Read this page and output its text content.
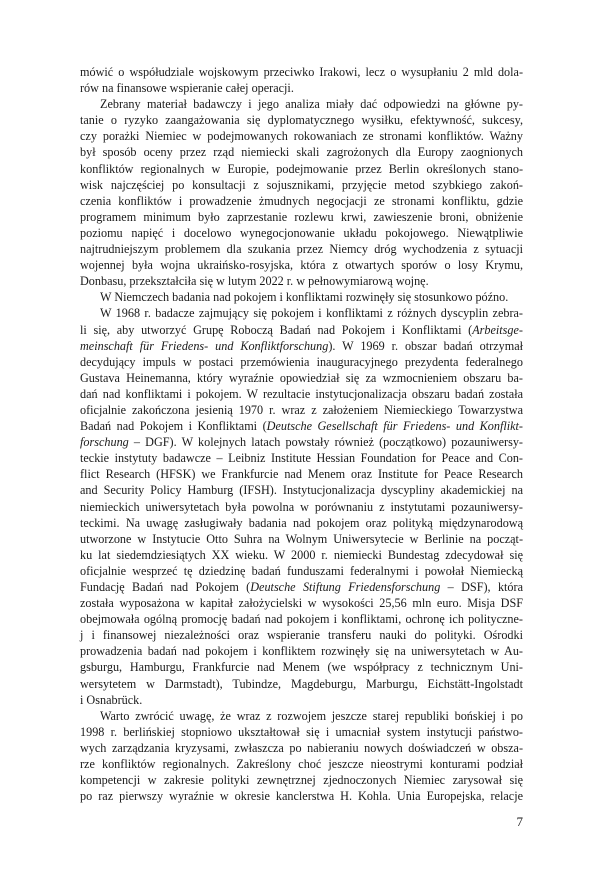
mówić o współudziale wojskowym przeciwko Irakowi, lecz o wysupłaniu 2 mld dola-
rów na finansowe wspieranie całej operacji.
Zebrany materiał badawczy i jego analiza miały dać odpowiedzi na główne py-
tanie o ryzyko zaangażowania się dyplomatycznego wysiłku, efektywność, sukcesy,
czy porażki Niemiec w podejmowanych rokowaniach ze stronami konfliktów. Ważny
był sposób oceny przez rząd niemiecki skali zagrożonych dla Europy zaognionych
konfliktów regionalnych w Europie, podejmowanie przez Berlin określonych stano-
wisk najczęściej po konsultacji z sojusznikami, przyjęcie metod szybkiego zakoń-
czenia konfliktów i prowadzenie żmudnych negocjacji ze stronami konfliktu, gdzie
programem minimum było zaprzestanie rozlewu krwi, zawieszenie broni, obniżenie
poziomu napięć i docelowo wynegocjonowanie układu pokojowego. Niewątpliwie
najtrudniejszym problemem dla szukania przez Niemcy dróg wychodzenia z sytuacji
wojennej była wojna ukraińsko-rosyjska, która z otwartych sporów o losy Krymu,
Donbasu, przekształciła się w lutym 2022 r. w pełnowymiarową wojnę.
W Niemczech badania nad pokojem i konfliktami rozwinęły się stosunkowo późno.
W 1968 r. badacze zajmujący się pokojem i konfliktami z różnych dyscyplin zebra-
li się, aby utworzyć Grupę Roboczą Badań nad Pokojem i Konfliktami (Arbeitsge-
meinschaft für Friedens- und Konfliktforschung). W 1969 r. obszar badań otrzymał
decydujący impuls w postaci przemówienia inauguracyjnego prezydenta federalnego
Gustava Heinemanna, który wyraźnie opowiedział się za wzmocnieniem obszaru ba-
dań nad konfliktami i pokojem. W rezultacie instytucjonalizacja obszaru badań została
oficjalnie zakończona jesienią 1970 r. wraz z założeniem Niemieckiego Towarzystwa
Badań nad Pokojem i Konfliktami (Deutsche Gesellschaft für Friedens- und Konflikt-
forschung – DGF). W kolejnych latach powstały również (początkowo) pozauniwersy-
teckie instytuty badawcze – Leibniz Institute Hessian Foundation for Peace and Con-
flict Research (HFSK) we Frankfurcie nad Menem oraz Institute for Peace Research
and Security Policy Hamburg (IFSH). Instytucjonalizacja dyscypliny akademickiej na
niemieckich uniwersytetach była powolna w porównaniu z instytutami pozauniwersy-
teckimi. Na uwagę zasługiwały badania nad pokojem oraz polityką międzynarodową
utworzone w Instytucie Otto Suhra na Wolnym Uniwersytecie w Berlinie na począt-
ku lat siedemdziesiątych XX wieku. W 2000 r. niemiecki Bundestag zdecydował się
oficjalnie wesprzeć tę dziedzinę badań funduszami federalnymi i powołał Niemiecką
Fundację Badań nad Pokojem (Deutsche Stiftung Friedensforschung – DSF), która
została wyposażona w kapitał założycielski w wysokości 25,56 mln euro. Misja DSF
obejmowała ogólną promocję badań nad pokojem i konfliktami, ochronę ich polityczne-
j i finansowej niezależności oraz wspieranie transferu nauki do polityki. Ośrodki
prowadzenia badań nad pokojem i konfliktem rozwinęły się na uniwersytetach w Au-
gsburgu, Hamburgu, Frankfurcie nad Menem (we współpracy z technicznym Uni-
wersytetem w Darmstadt), Tubindze, Magdeburgu, Marburgu, Eichstätt-Ingolstadt
i Osnabrück.
Warto zwrócić uwagę, że wraz z rozwojem jeszcze starej republiki bońskiej i po
1998 r. berlińskiej stopniowo ukształtował się i umacniał system instytucji państwo-
wych zarządzania kryzysami, zwłaszcza po nabieraniu nowych doświadczeń w obsza-
rze konfliktów regionalnych. Zakreślony choć jeszcze nieostrymi konturami podział
kompetencji w zakresie polityki zewnętrznej zjednoczonych Niemiec zarysował się
po raz pierwszy wyraźnie w okresie kanclerstwa H. Kohla. Unia Europejska, relacje
7
